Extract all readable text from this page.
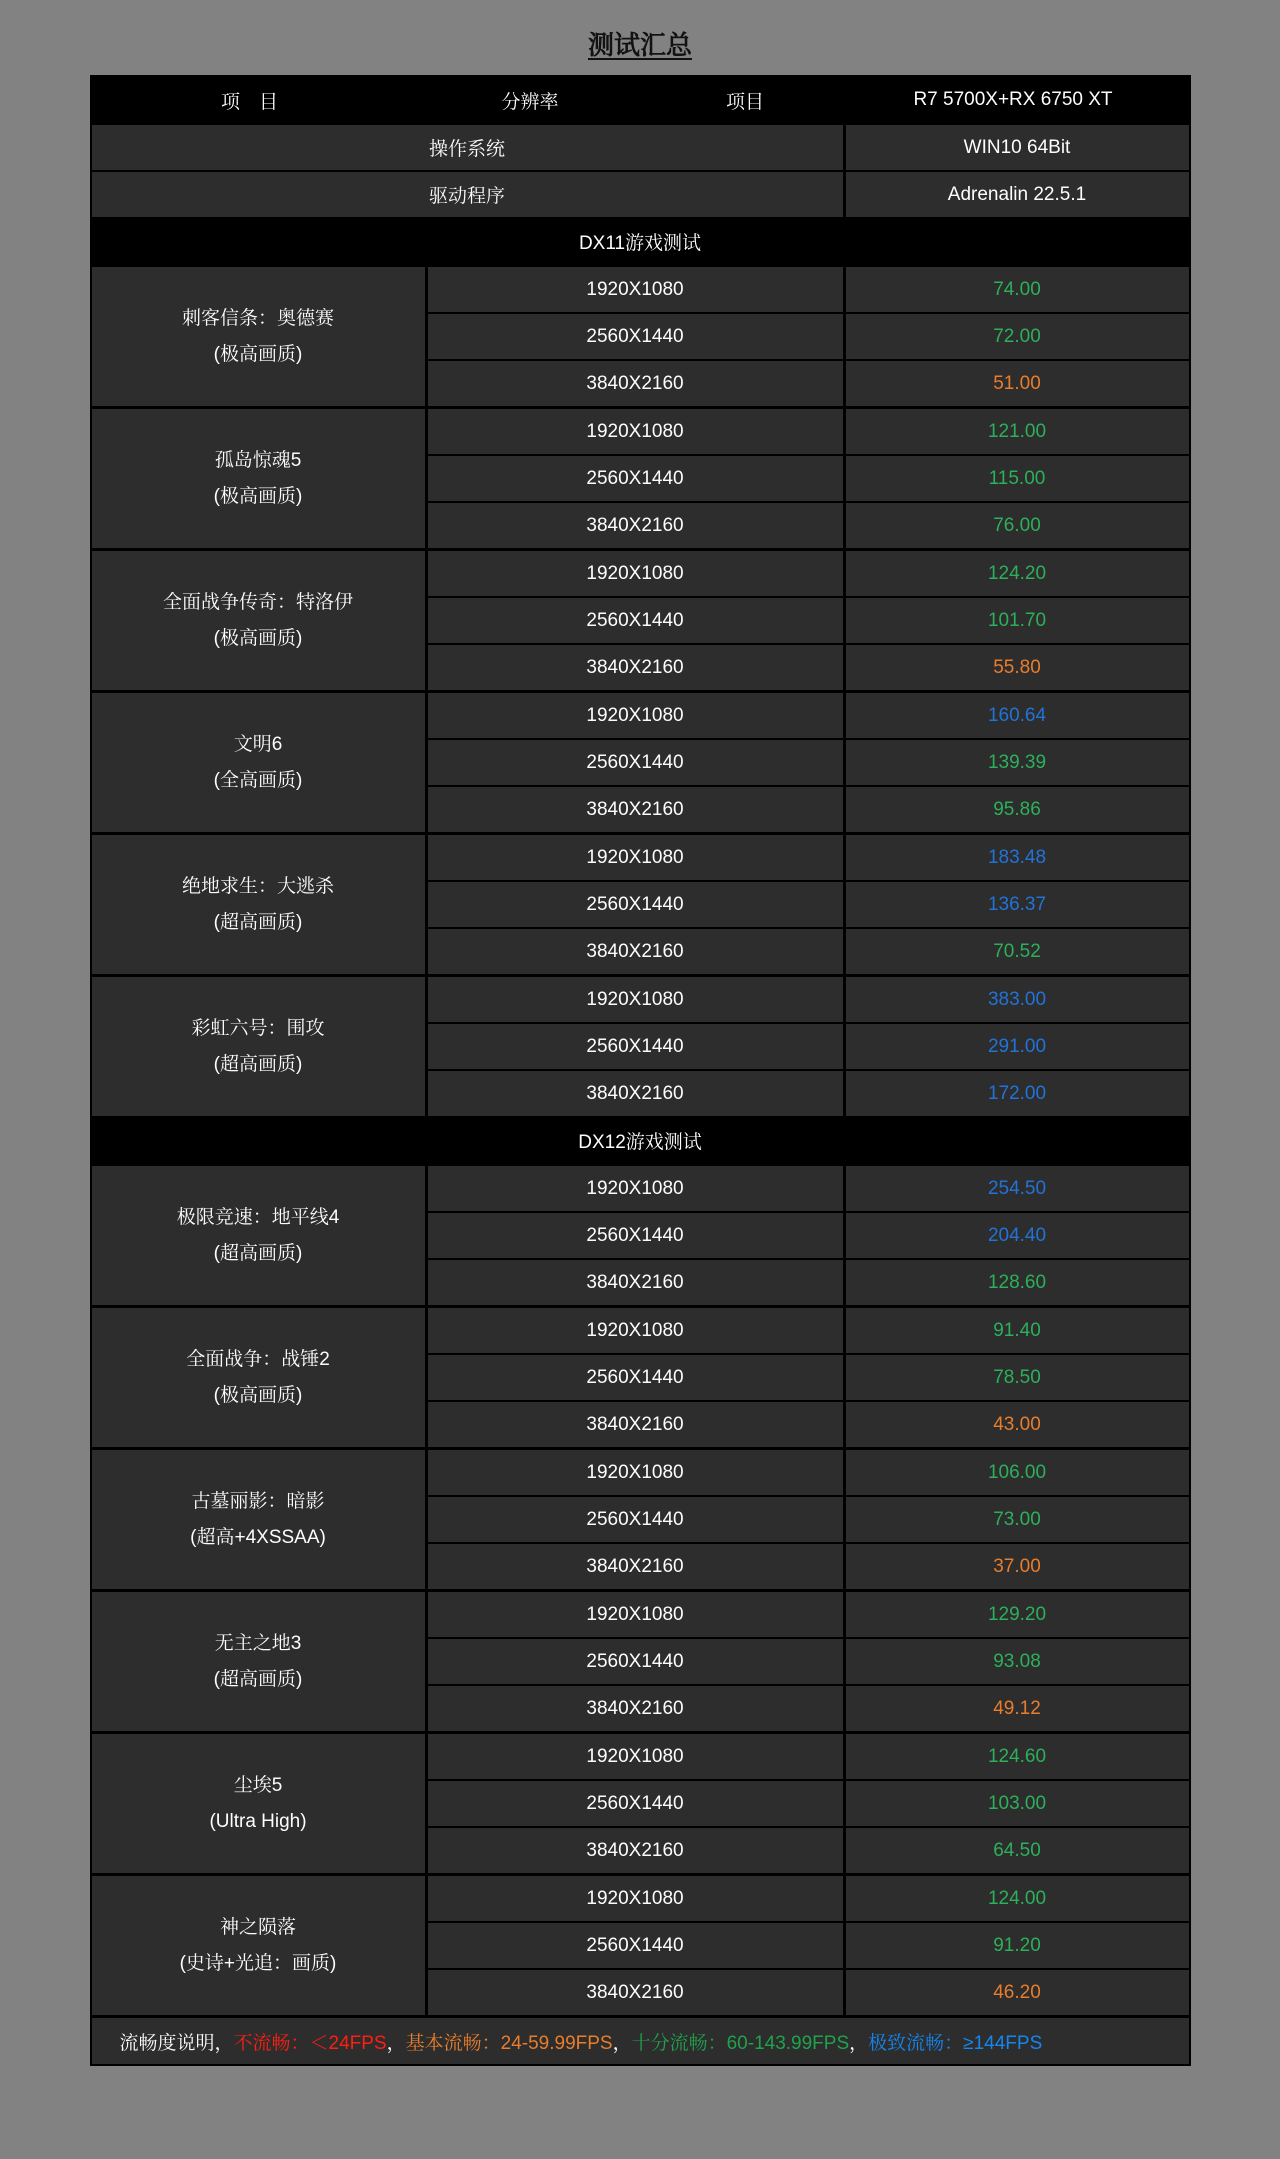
测试汇总
项　目	分辨率	项目	R7 5700X+RX 6750 XT
操作系统	WIN10 64Bit
驱动程序	Adrenalin 22.5.1
DX11游戏测试
刺客信条：奥德赛
(极高画质)
1920X1080	74.00
2560X1440	72.00
3840X2160	51.00
孤岛惊魂5
(极高画质)
1920X1080	121.00
2560X1440	115.00
3840X2160	76.00
全面战争传奇：特洛伊
(极高画质)
1920X1080	124.20
2560X1440	101.70
3840X2160	55.80
文明6
(全高画质)
1920X1080	160.64
2560X1440	139.39
3840X2160	95.86
绝地求生：大逃杀
(超高画质)
1920X1080	183.48
2560X1440	136.37
3840X2160	70.52
彩虹六号：围攻
(超高画质)
1920X1080	383.00
2560X1440	291.00
3840X2160	172.00
DX12游戏测试
极限竞速：地平线4
(超高画质)
1920X1080	254.50
2560X1440	204.40
3840X2160	128.60
全面战争：战锤2
(极高画质)
1920X1080	91.40
2560X1440	78.50
3840X2160	43.00
古墓丽影：暗影
(超高+4XSSAA)
1920X1080	106.00
2560X1440	73.00
3840X2160	37.00
无主之地3
(超高画质)
1920X1080	129.20
2560X1440	93.08
3840X2160	49.12
尘埃5
(Ultra High)
1920X1080	124.60
2560X1440	103.00
3840X2160	64.50
神之陨落
(史诗+光追：画质)
1920X1080	124.00
2560X1440	91.20
3840X2160	46.20
流畅度说明， 不流畅：＜24FPS ， 基本流畅：24-59.99FPS ， 十分流畅：60-143.99FPS ， 极致流畅：≥144FPS
